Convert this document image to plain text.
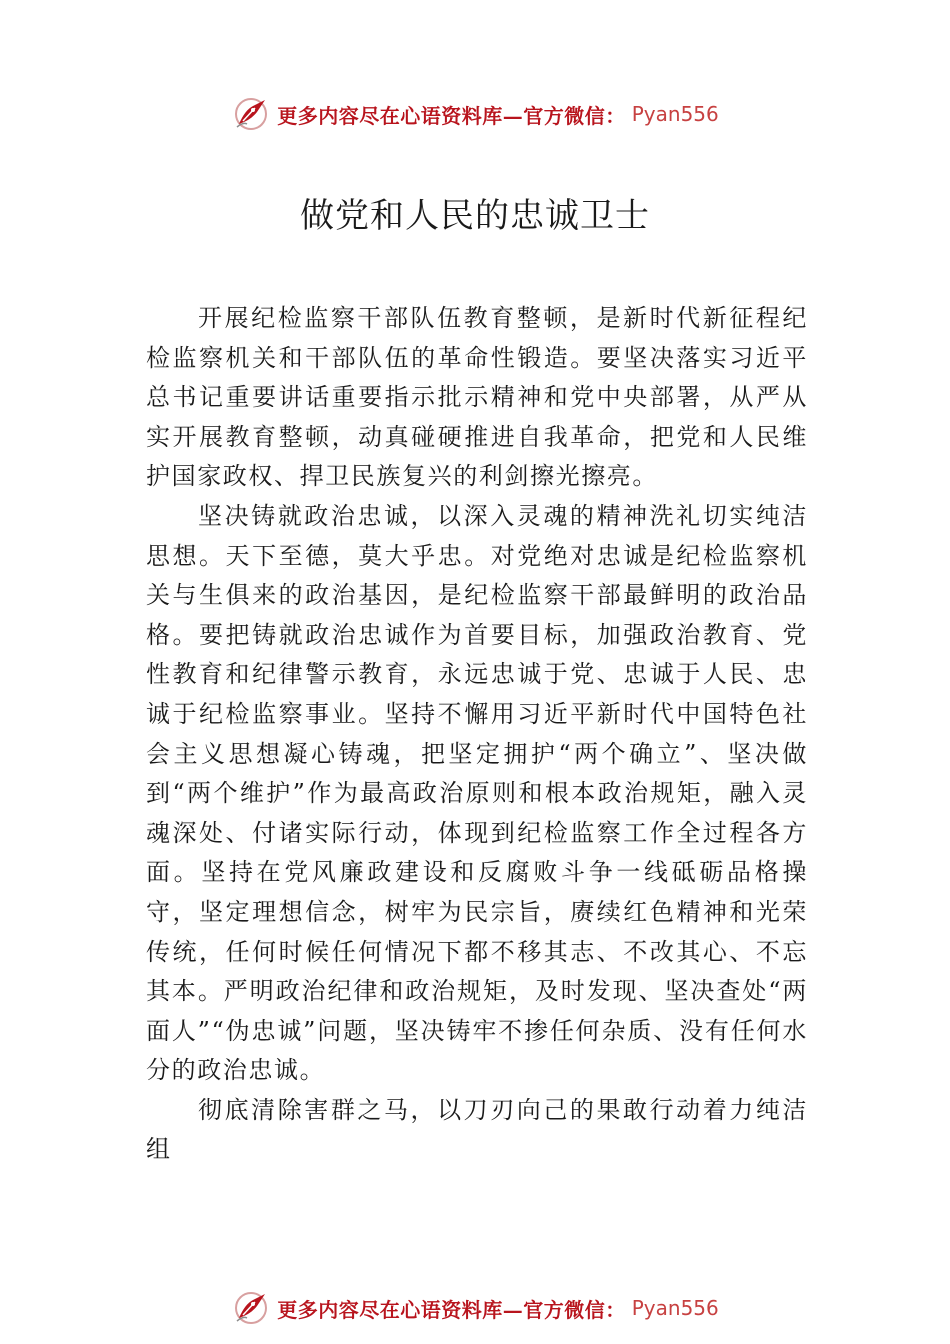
更多内容尽在心语资料库—官方微信： Pyan556
做党和人民的忠诚卫士

开展纪检监察干部队伍教育整顿，是新时代新征程纪检监察机关和干部队伍的革命性锻造。要坚决落实习近平总书记重要讲话重要指示批示精神和党中央部署，从严从实开展教育整顿，动真碰硬推进自我革命，把党和人民维护国家政权、捍卫民族复兴的利剑擦光擦亮。

坚决铸就政治忠诚，以深入灵魂的精神洗礼切实纯洁思想。天下至德，莫大乎忠。对党绝对忠诚是纪检监察机关与生俱来的政治基因，是纪检监察干部最鲜明的政治品格。要把铸就政治忠诚作为首要目标，加强政治教育、党性教育和纪律警示教育，永远忠诚于党、忠诚于人民、忠诚于纪检监察事业。坚持不懈用习近平新时代中国特色社会主义思想凝心铸魂，把坚定拥护“两个确立”、坚决做到“两个维护”作为最高政治原则和根本政治规矩，融入灵魂深处、付诸实际行动，体现到纪检监察工作全过程各方面。坚持在党风廉政建设和反腐败斗争一线砥砺品格操守，坚定理想信念，树牢为民宗旨，赓续红色精神和光荣传统，任何时候任何情况下都不移其志、不改其心、不忘其本。严明政治纪律和政治规矩，及时发现、坚决查处“两面人”“伪忠诚”问题，坚决铸牢不掺任何杂质、没有任何水分的政治忠诚。

彻底清除害群之马，以刀刃向己的果敢行动着力纯洁组

更多内容尽在心语资料库—官方微信： Pyan556
